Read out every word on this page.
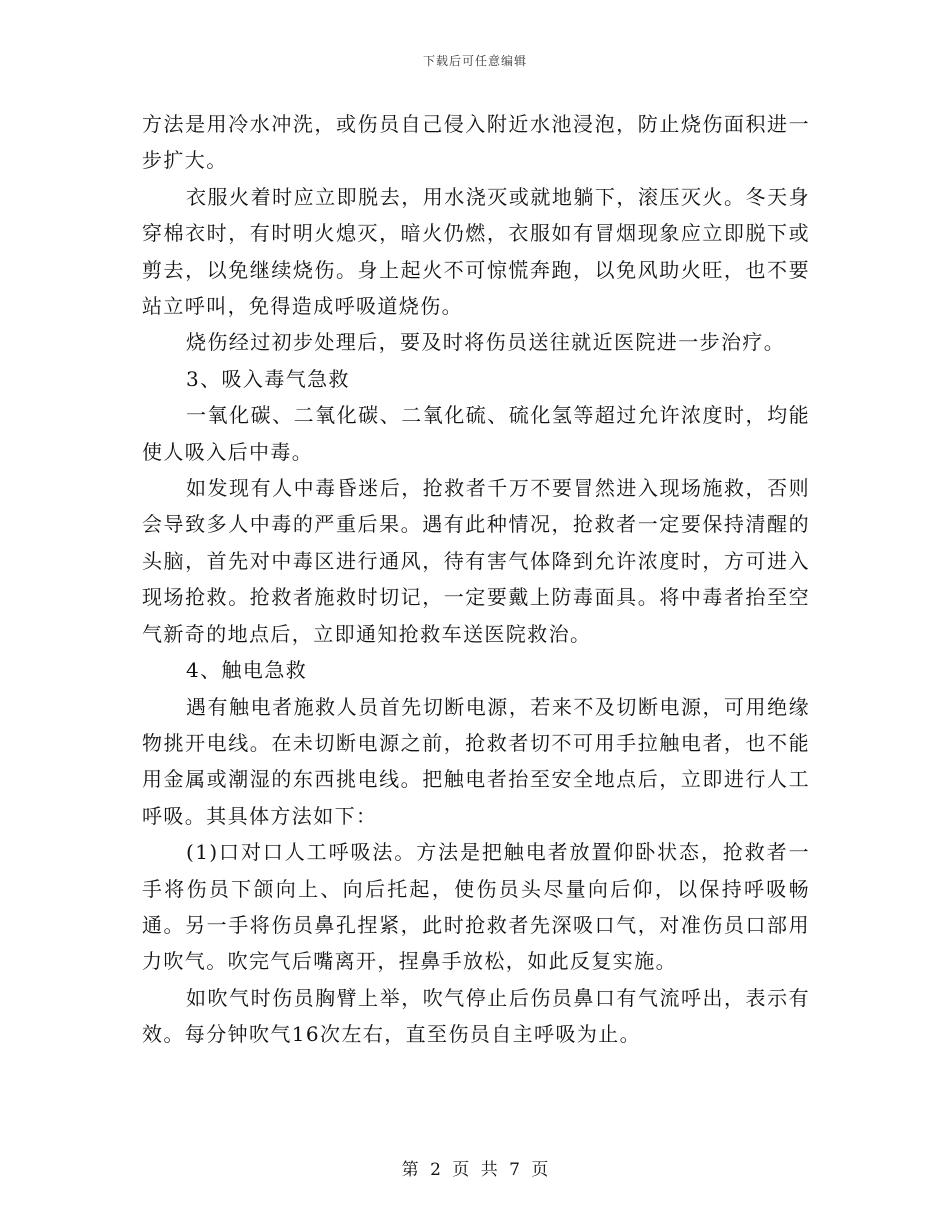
下载后可任意编辑

方法是用冷水冲洗，或伤员自己侵入附近水池浸泡，防止烧伤面积进一步扩大。

衣服火着时应立即脱去，用水浇灭或就地躺下，滚压灭火。冬天身穿棉衣时，有时明火熄灭，暗火仍燃，衣服如有冒烟现象应立即脱下或剪去，以免继续烧伤。身上起火不可惊慌奔跑，以免风助火旺，也不要站立呼叫，免得造成呼吸道烧伤。

烧伤经过初步处理后，要及时将伤员送往就近医院进一步治疗。

3、吸入毒气急救

一氧化碳、二氧化碳、二氧化硫、硫化氢等超过允许浓度时，均能使人吸入后中毒。

如发现有人中毒昏迷后，抢救者千万不要冒然进入现场施救，否则会导致多人中毒的严重后果。遇有此种情况，抢救者一定要保持清醒的头脑，首先对中毒区进行通风，待有害气体降到允许浓度时，方可进入现场抢救。抢救者施救时切记，一定要戴上防毒面具。将中毒者抬至空气新奇的地点后，立即通知抢救车送医院救治。

4、触电急救

遇有触电者施救人员首先切断电源，若来不及切断电源，可用绝缘物挑开电线。在未切断电源之前，抢救者切不可用手拉触电者，也不能用金属或潮湿的东西挑电线。把触电者抬至安全地点后，立即进行人工呼吸。其具体方法如下：

(1)口对口人工呼吸法。方法是把触电者放置仰卧状态，抢救者一手将伤员下颌向上、向后托起，使伤员头尽量向后仰，以保持呼吸畅通。另一手将伤员鼻孔捏紧，此时抢救者先深吸口气，对准伤员口部用力吹气。吹完气后嘴离开，捏鼻手放松，如此反复实施。

如吹气时伤员胸臂上举，吹气停止后伤员鼻口有气流呼出，表示有效。每分钟吹气16次左右，直至伤员自主呼吸为止。

第 2 页 共 7 页
